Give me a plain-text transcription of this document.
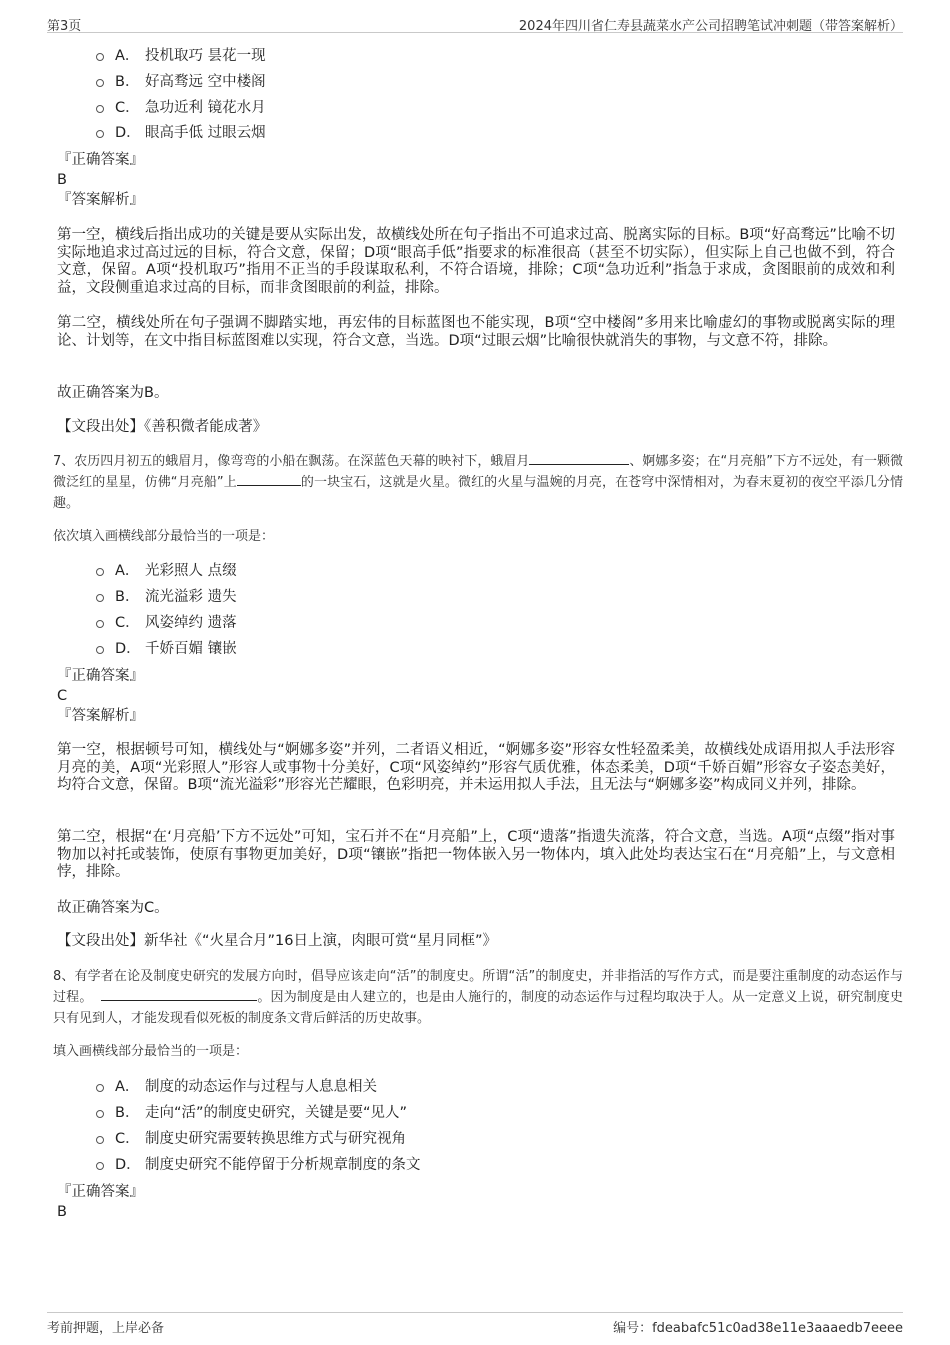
第3页	2024年四川省仁寿县蔬菜水产公司招聘笔试冲刺题（带答案解析）
A． 投机取巧 昙花一现
B． 好高骛远 空中楼阁
C． 急功近利 镜花水月
D． 眼高手低 过眼云烟
『正确答案』
B
『答案解析』
第一空，横线后指出成功的关键是要从实际出发，故横线处所在句子指出不可追求过高、脱离实际的目标。B项“好高骛远”比喻不切实际地追求过高过远的目标，符合文意，保留；D项“眼高手低”指要求的标准很高（甚至不切实际），但实际上自己也做不到，符合文意，保留。A项“投机取巧”指用不正当的手段谋取私利，不符合语境，排除；C项“急功近利”指急于求成，贪图眼前的成效和利益，文段侧重追求过高的目标，而非贪图眼前的利益，排除。
第二空，横线处所在句子强调不脚踏实地，再宏伟的目标蓝图也不能实现，B项“空中楼阁”多用来比喻虚幻的事物或脱离实际的理论、计划等，在文中指目标蓝图难以实现，符合文意，当选。D项“过眼云烟”比喻很快就消失的事物，与文意不符，排除。
故正确答案为B。
【文段出处】《善积微者能成著》
7、农历四月初五的蛾眉月，像弯弯的小船在飘荡。在深蓝色天幕的映衬下，蛾眉月	、婀娜多姿；在“月亮船”下方不远处，有一颗微微泛红的星星，仿佛“月亮船”上	的一块宝石，这就是火星。微红的火星与温婉的月亮，在苍穹中深情相对，为春末夏初的夜空平添几分情趣。
依次填入画横线部分最恰当的一项是：
A． 光彩照人 点缀
B． 流光溢彩 遗失
C． 风姿绰约 遗落
D． 千娇百媚 镶嵌
『正确答案』
C
『答案解析』
第一空，根据顿号可知，横线处与“婀娜多姿”并列，二者语义相近，“婀娜多姿”形容女性轻盈柔美，故横线处成语用拟人手法形容月亮的美，A项“光彩照人”形容人或事物十分美好，C项“风姿绰约”形容气质优雅，体态柔美，D项“千娇百媚”形容女子姿态美好，均符合文意，保留。B项“流光溢彩”形容光芒耀眼，色彩明亮，并未运用拟人手法，且无法与“婀娜多姿”构成同义并列，排除。
第二空，根据“在‘月亮船’下方不远处”可知，宝石并不在“月亮船”上，C项“遗落”指遗失流落，符合文意，当选。A项“点缀”指对事物加以衬托或装饰，使原有事物更加美好，D项“镶嵌”指把一物体嵌入另一物体内，填入此处均表达宝石在“月亮船”上，与文意相悖，排除。
故正确答案为C。
【文段出处】新华社《“火星合月”16日上演，肉眼可赏“星月同框”》
8、有学者在论及制度史研究的发展方向时，倡导应该走向“活”的制度史。所谓“活”的制度史，并非指活的写作方式，而是要注重制度的动态运作与过程。	。因为制度是由人建立的，也是由人施行的，制度的动态运作与过程均取决于人。从一定意义上说，研究制度史只有见到人，才能发现看似死板的制度条文背后鲜活的历史故事。
填入画横线部分最恰当的一项是：
A． 制度的动态运作与过程与人息息相关
B． 走向“活”的制度史研究，关键是要“见人”
C． 制度史研究需要转换思维方式与研究视角
D． 制度史研究不能停留于分析规章制度的条文
『正确答案』
B
考前押题，上岸必备	编号：fdeabafc51c0ad38e11e3aaaedb7eeee
